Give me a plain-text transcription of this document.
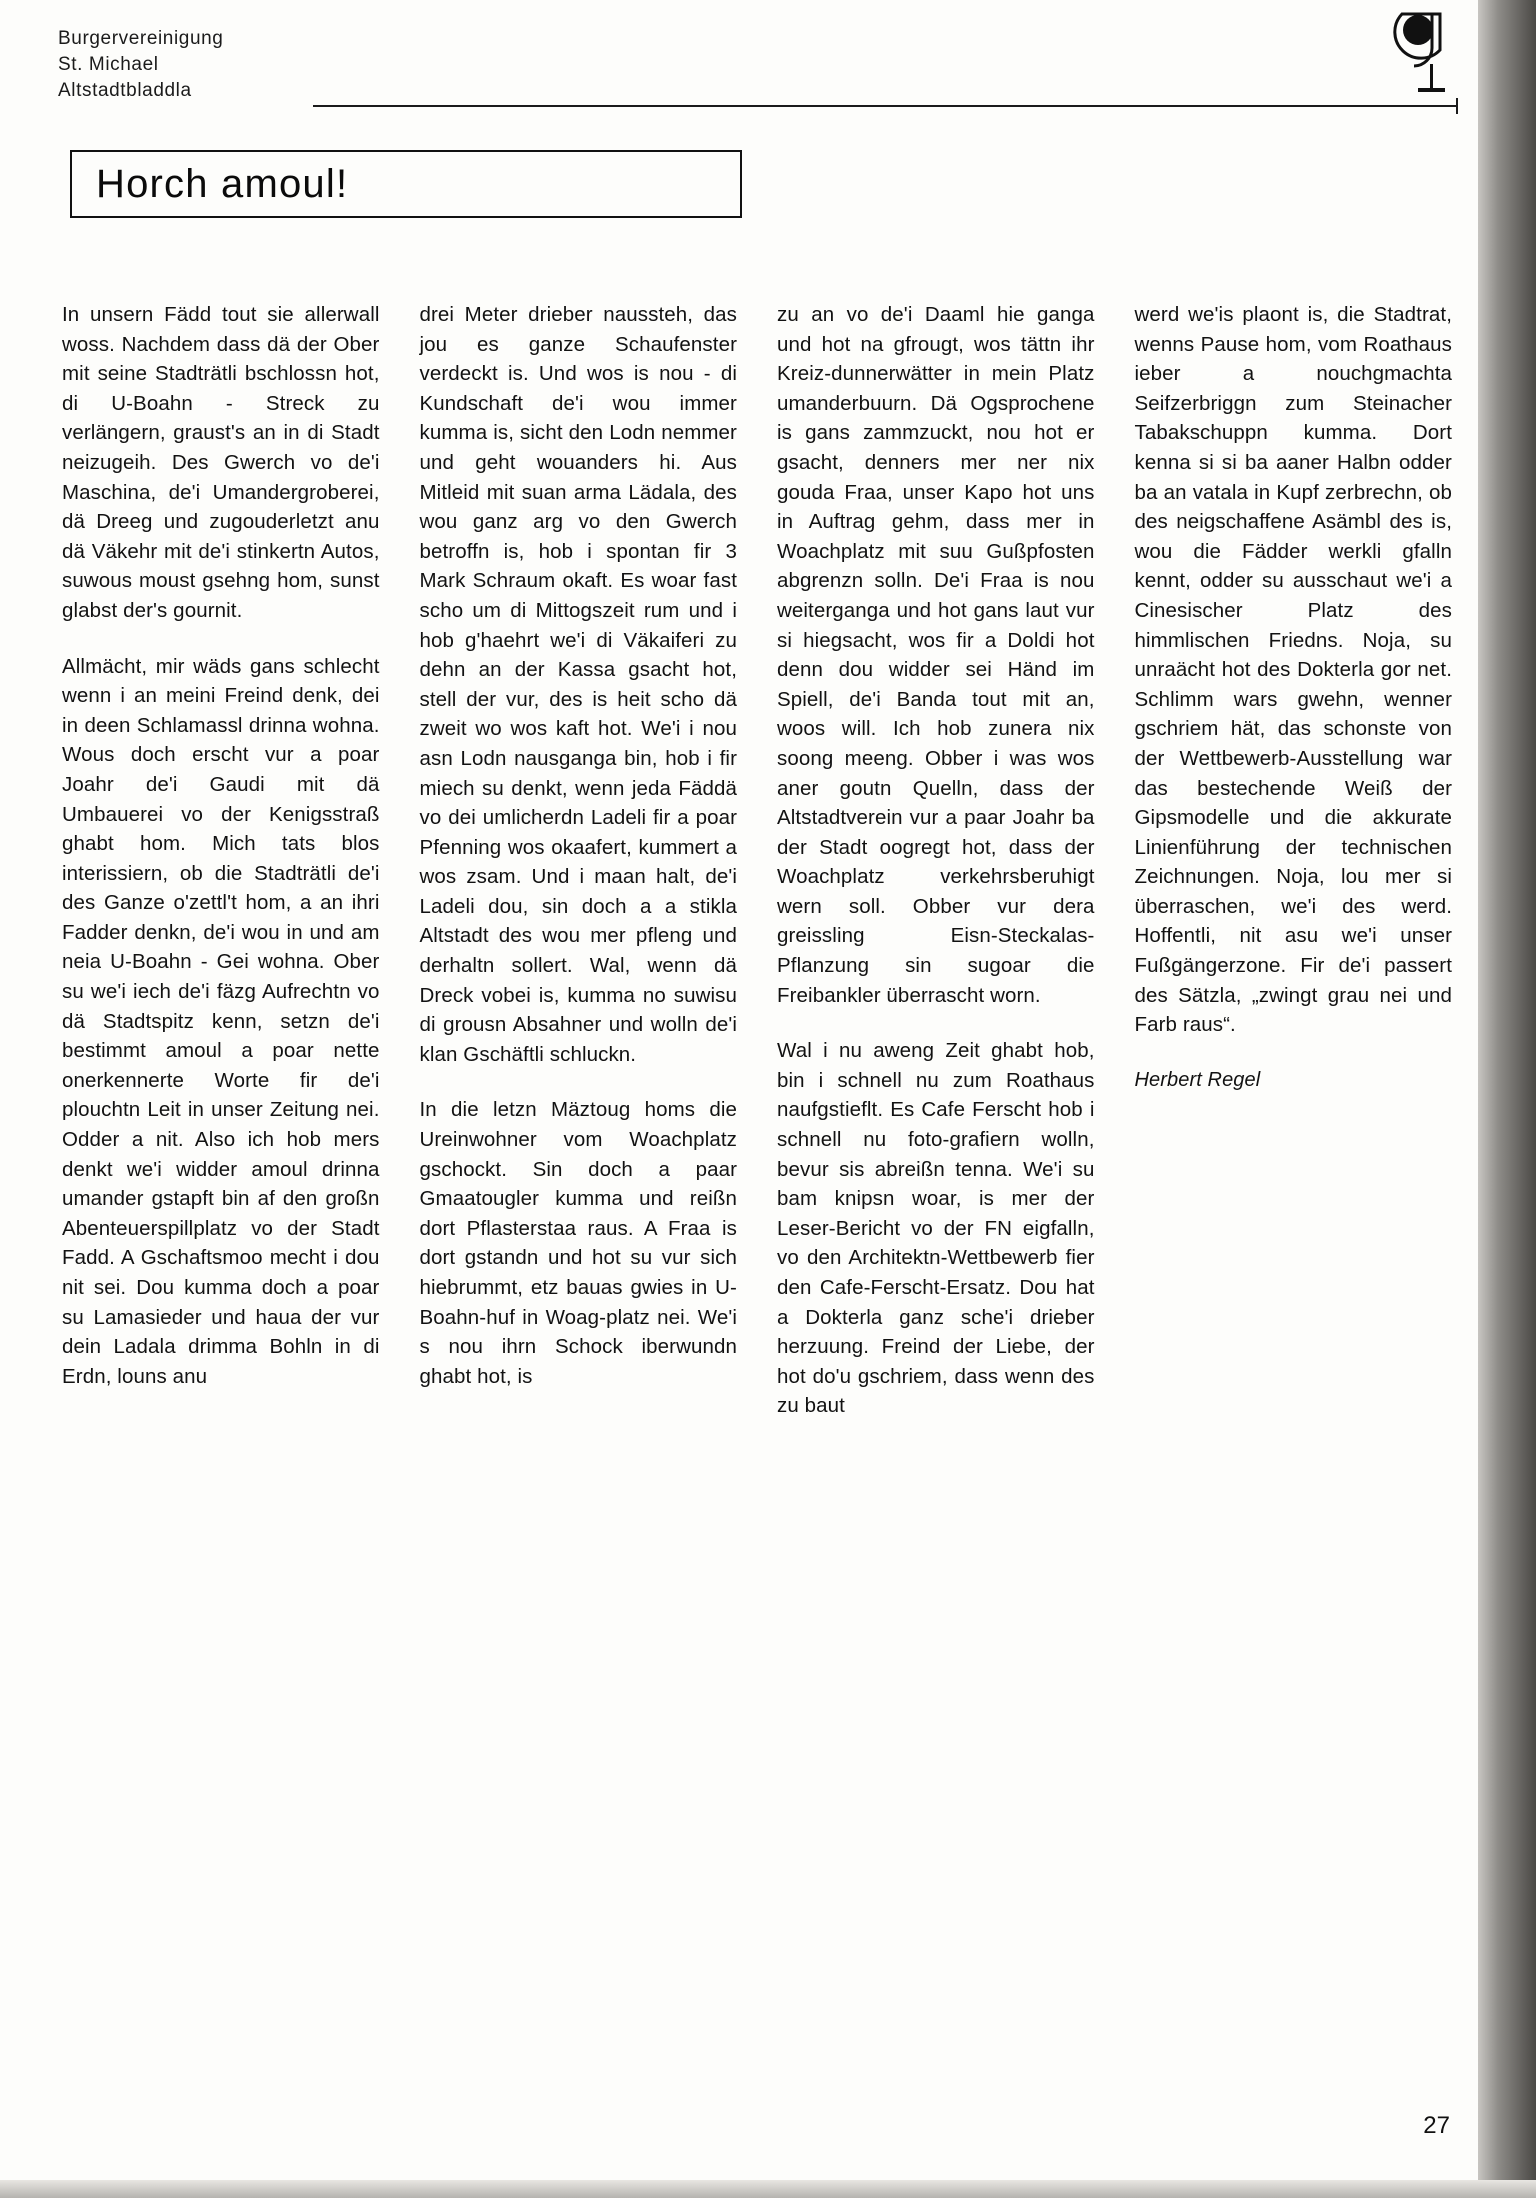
Burgervereinigung
St. Michael
Altstadtbladdla
Horch amoul!

In unsern Fädd tout sie allerwall woss. Nachdem dass dä der Ober mit seine Stadträtli bschlossn hot, di U-Boahn - Streck zu verlängern, graust's an in di Stadt neizugeih. Des Gwerch vo de'i Maschina, de'i Umandergroberei, dä Dreeg und zugouderletzt anu dä Väkehr mit de'i stinkertn Autos, suwous moust gsehng hom, sunst glabst der's gournit.

Allmächt, mir wäds gans schlecht wenn i an meini Freind denk, dei in deen Schlamassl drinna wohna. Wous doch erscht vur a poar Joahr de'i Gaudi mit dä Umbauerei vo der Kenigsstraß ghabt hom. Mich tats blos interissiern, ob die Stadträtli de'i des Ganze o'zettl't hom, a an ihri Fadder denkn, de'i wou in und am neia U-Boahn - Gei wohna. Ober su we'i iech de'i fäzg Aufrechtn vo dä Stadtspitz kenn, setzn de'i bestimmt amoul a poar nette onerkennerte Worte fir de'i plouchtn Leit in unser Zeitung nei. Odder a nit. Also ich hob mers denkt we'i widder amoul drinna umander gstapft bin af den großn Abenteuerspillplatz vo der Stadt Fadd. A Gschaftsmoo mecht i dou nit sei. Dou kumma doch a poar su Lamasieder und haua der vur dein Ladala drimma Bohln in di Erdn, louns anu

drei Meter drieber naussteh, das jou es ganze Schaufenster verdeckt is. Und wos is nou - di Kundschaft de'i wou immer kumma is, sicht den Lodn nemmer und geht wouanders hi. Aus Mitleid mit suan arma Lädala, des wou ganz arg vo den Gwerch betroffn is, hob i spontan fir 3 Mark Schraum okaft. Es woar fast scho um di Mittogszeit rum und i hob g'haehrt we'i di Väkaiferi zu dehn an der Kassa gsacht hot, stell der vur, des is heit scho dä zweit wo wos kaft hot. We'i i nou asn Lodn nausganga bin, hob i fir miech su denkt, wenn jeda Fäddä vo dei umlicherdn Ladeli fir a poar Pfenning wos okaafert, kummert a wos zsam. Und i maan halt, de'i Ladeli dou, sin doch a a stikla Altstadt des wou mer pfleng und derhaltn sollert. Wal, wenn dä Dreck vobei is, kumma no suwisu di grousn Absahner und wolln de'i klan Gschäftli schluckn.

In die letzn Mäztoug homs die Ureinwohner vom Woachplatz gschockt. Sin doch a paar Gmaatougler kumma und reißn dort Pflasterstaa raus. A Fraa is dort gstandn und hot su vur sich hiebrummt, etz bauas gwies in U-Boahn-huf in Woag-platz nei. We'i s nou ihrn Schock iberwundn ghabt hot, is

zu an vo de'i Daaml hie ganga und hot na gfrougt, wos tättn ihr Kreiz-dunnerwätter in mein Platz umanderbuurn. Dä Ogsprochene is gans zammzuckt, nou hot er gsacht, denners mer ner nix gouda Fraa, unser Kapo hot uns in Auftrag gehm, dass mer in Woachplatz mit suu Gußpfosten abgrenzn solln. De'i Fraa is nou weiterganga und hot gans laut vur si hiegsacht, wos fir a Doldi hot denn dou widder sei Händ im Spiell, de'i Banda tout mit an, woos will. Ich hob zunera nix soong meeng. Obber i was wos aner goutn Quelln, dass der Altstadtverein vur a paar Joahr ba der Stadt oogregt hot, dass der Woachplatz verkehrsberuhigt wern soll. Obber vur dera greissling Eisn-Steckalas-Pflanzung sin sugoar die Freibankler überrascht worn.

Wal i nu aweng Zeit ghabt hob, bin i schnell nu zum Roathaus naufgstieflt. Es Cafe Ferscht hob i schnell nu foto-grafiern wolln, bevur sis abreißn tenna. We'i su bam knipsn woar, is mer der Leser-Bericht vo der FN eigfalln, vo den Architektn-Wettbewerb fier den Cafe-Ferscht-Ersatz. Dou hat a Dokterla ganz sche'i drieber herzuung. Freind der Liebe, der hot do'u gschriem, dass wenn des zu baut

werd we'is plaont is, die Stadtrat, wenns Pause hom, vom Roathaus ieber a nouchgmachta Seifzerbriggn zum Steinacher Tabakschuppn kumma. Dort kenna si si ba aaner Halbn odder ba an vatala in Kupf zerbrechn, ob des neigschaffene Asämbl des is, wou die Fädder werkli gfalln kennt, odder su ausschaut we'i a Cinesischer Platz des himmlischen Friedns. Noja, su unraächt hot des Dokterla gor net. Schlimm wars gwehn, wenner gschriem hät, das schonste von der Wettbewerb-Ausstellung war das bestechende Weiß der Gipsmodelle und die akkurate Linienführung der technischen Zeichnungen. Noja, lou mer si überraschen, we'i des werd. Hoffentli, nit asu we'i unser Fußgängerzone. Fir de'i passert des Sätzla, „zwingt grau nei und Farb raus“.

Herbert Regel

27
